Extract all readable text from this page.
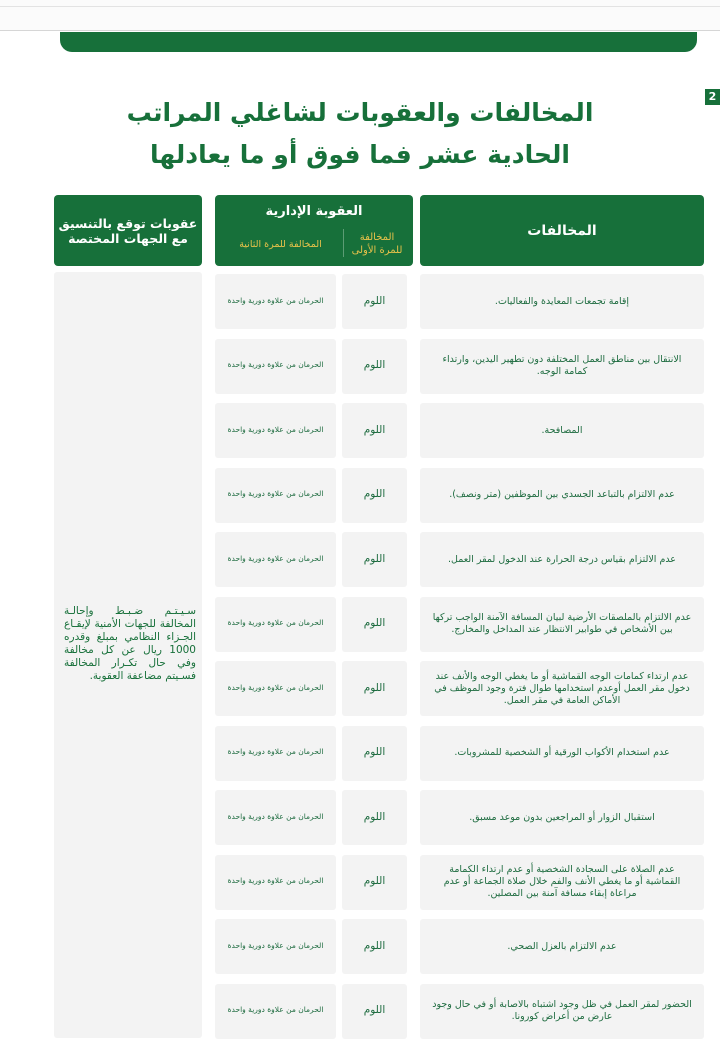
2
المخالفات والعقوبات لشاغلي المراتب
الحادية عشر فما فوق أو ما يعادلها
المخالفات
العقوبة الإدارية
المخالفة للمرة الأولى
المخالفة للمرة الثانية
عقوبات توقع بالتنسيق مع الجهات المختصة
سـيـتـم ضـبـط وإحالـة المخالفة للجهات الأمنية لإيقـاع الجـزاء النظامي بمبلغ وقدره 1000 ريال عن كل مخالفة وفي حال تكـرار المخالفة فسـيتم مضاعفة العقوبة.
إقامة تجمعات المعايدة والفعاليات.
اللوم
الحرمان من علاوة دورية واحدة
الانتقال بين مناطق العمل المختلفة دون تطهير اليدين، وارتداء كمامة الوجه.
اللوم
الحرمان من علاوة دورية واحدة
المصافحة.
اللوم
الحرمان من علاوة دورية واحدة
عدم الالتزام بالتباعد الجسدي بين الموظفين (متر ونصف).
اللوم
الحرمان من علاوة دورية واحدة
عدم الالتزام بقياس درجة الحرارة عند الدخول لمقر العمل.
اللوم
الحرمان من علاوة دورية واحدة
عدم الالتزام بالملصقات الأرضية لبيان المسافة الآمنة الواجب تركها بين الأشخاص في طوابير الانتظار عند المداخل والمخارج.
اللوم
الحرمان من علاوة دورية واحدة
عدم ارتداء كمامات الوجه القماشية أو ما يغطي الوجه والأنف عند دخول مقر العمل أوعدم استخدامها طوال فترة وجود الموظف في الأماكن العامة في مقر العمل.
اللوم
الحرمان من علاوة دورية واحدة
عدم استخدام الأكواب الورقية أو الشخصية للمشروبات.
اللوم
الحرمان من علاوة دورية واحدة
استقبال الزوار أو المراجعين بدون موعد مسبق.
اللوم
الحرمان من علاوة دورية واحدة
عدم الصلاة على السجادة الشخصية أو عدم ارتداء الكمامة القماشية أو ما يغطي الأنف والفم خلال صلاة الجماعة أو عدم مراعاة إبقاء مسافة آمنة بين المصلين.
اللوم
الحرمان من علاوة دورية واحدة
عدم الالتزام بالعزل الصحي.
اللوم
الحرمان من علاوة دورية واحدة
الحضور لمقر العمل في ظل وجود اشتباه بالاصابة أو في حال وجود عارض من أعراض كورونا.
اللوم
الحرمان من علاوة دورية واحدة
